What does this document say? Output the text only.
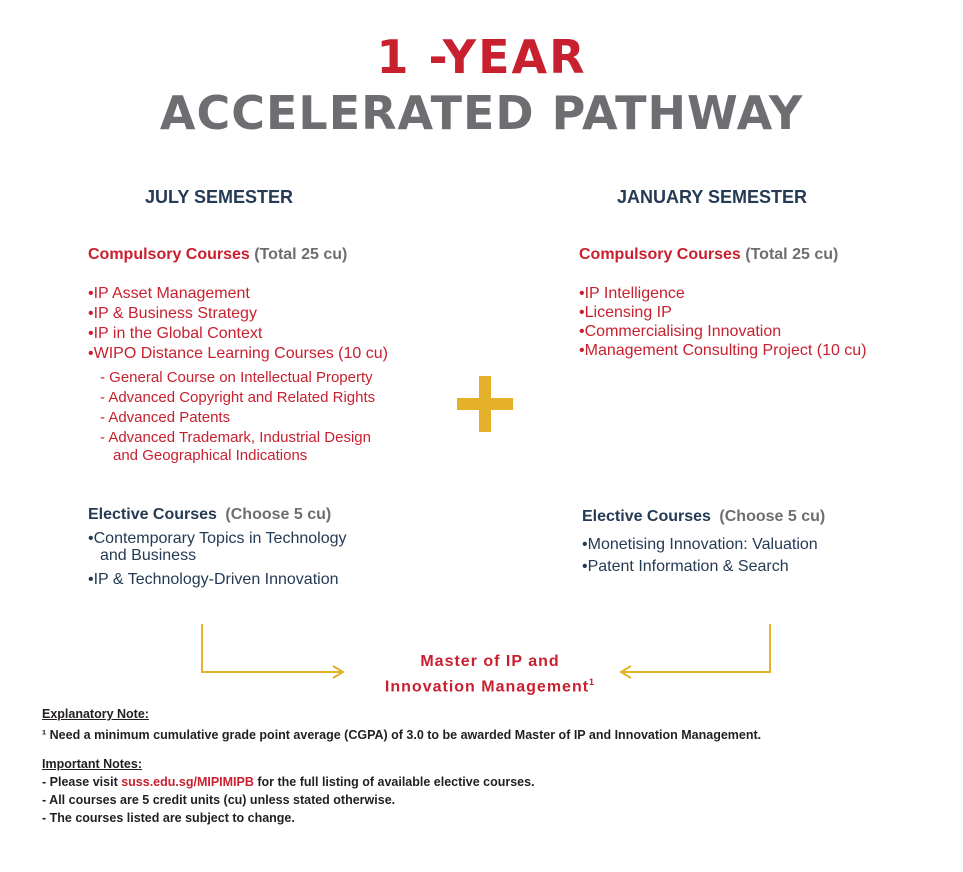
1 -YEAR
ACCELERATED PATHWAY
JULY SEMESTER
Compulsory Courses (Total 25 cu)
• IP Asset Management
• IP & Business Strategy
• IP in the Global Context
• WIPO Distance Learning Courses (10 cu)
- General Course on Intellectual Property
- Advanced Copyright and Related Rights
- Advanced Patents
- Advanced Trademark, Industrial Design
and Geographical Indications
Elective Courses (Choose 5 cu)
• Contemporary Topics in Technology
and Business
• IP & Technology-Driven Innovation
JANUARY SEMESTER
Compulsory Courses (Total 25 cu)
• IP Intelligence
• Licensing IP
• Commercialising Innovation
• Management Consulting Project (10 cu)
Elective Courses (Choose 5 cu)
• Monetising Innovation: Valuation
• Patent Information & Search
Master of IP and
Innovation Management$^1$

Explanatory Note:

¹ Need a minimum cumulative grade point average (CGPA) of 3.0 to be awarded Master of IP and Innovation Management.

Important Notes:

- Please visit suss.edu.sg/MIPIMIPB for the full listing of available elective courses.

- All courses are 5 credit units (cu) unless stated otherwise.

- The courses listed are subject to change.
